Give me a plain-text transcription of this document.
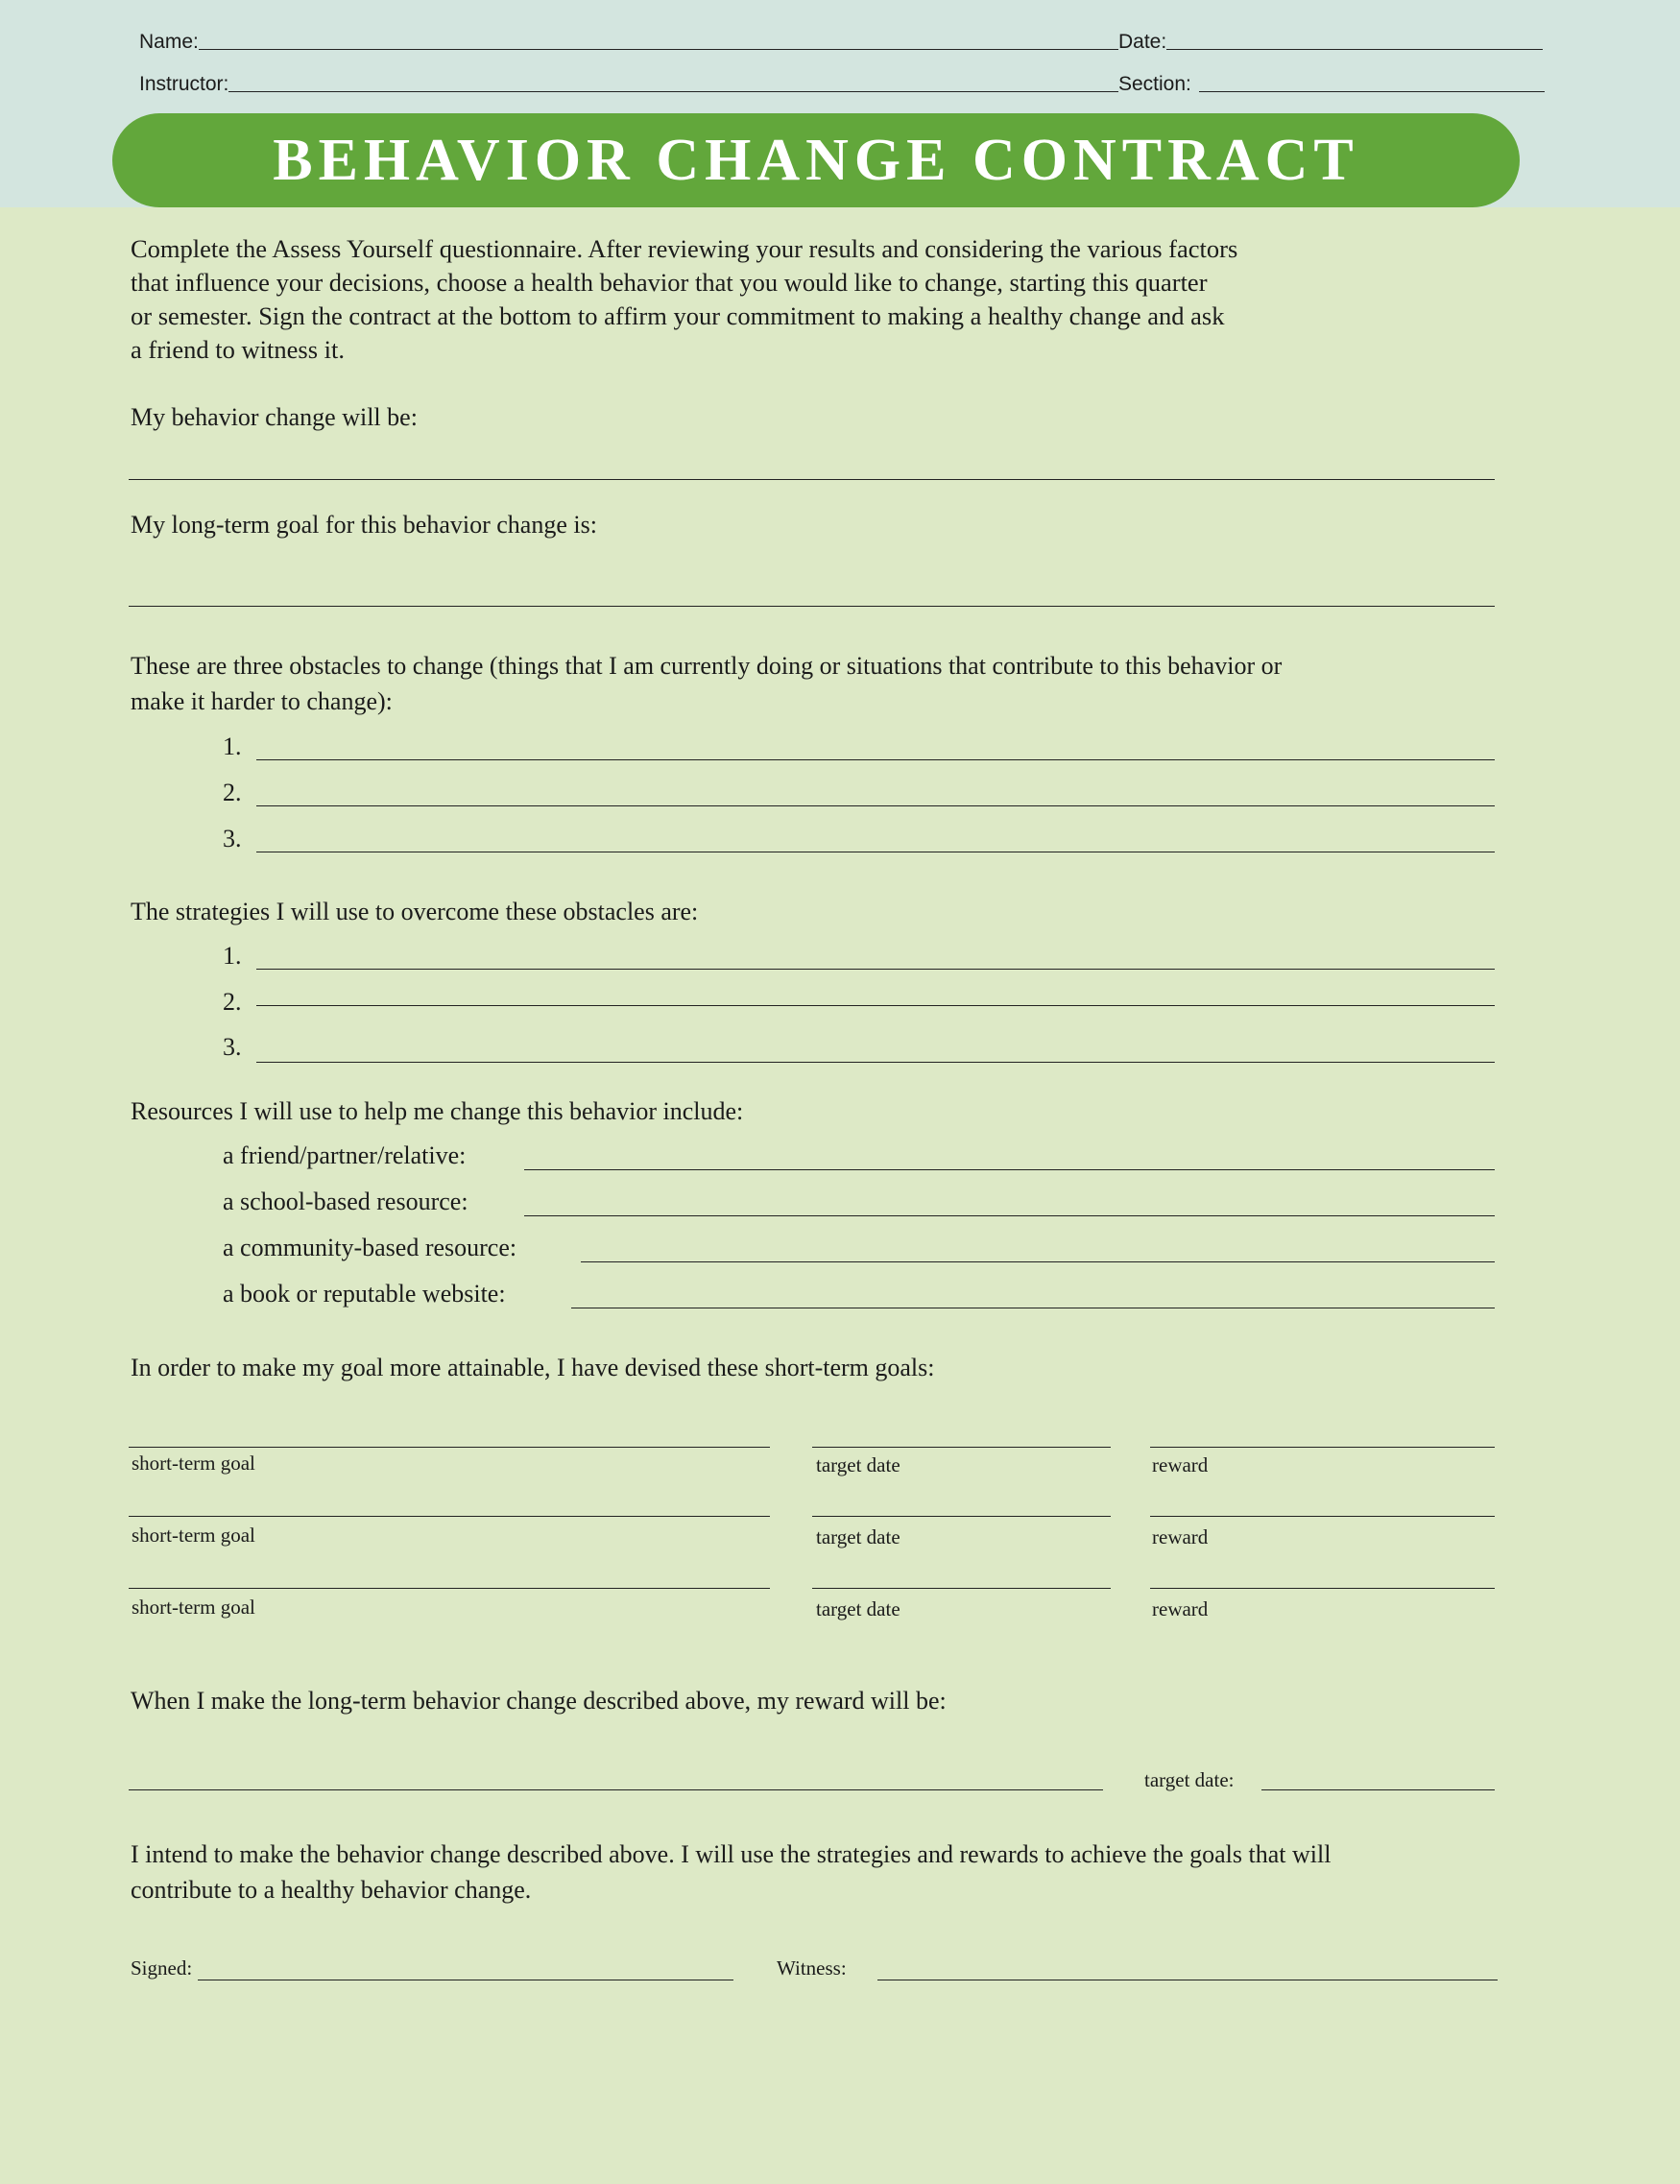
Name:	Date:
Instructor:	Section:
BEHAVIOR CHANGE CONTRACT
Complete the Assess Yourself questionnaire. After reviewing your results and considering the various factors
that influence your decisions, choose a health behavior that you would like to change, starting this quarter
or semester. Sign the contract at the bottom to affirm your commitment to making a healthy change and ask
a friend to witness it.
My behavior change will be:
My long-term goal for this behavior change is:
These are three obstacles to change (things that I am currently doing or situations that contribute to this behavior or
make it harder to change):
1.
2.
3.
The strategies I will use to overcome these obstacles are:
1.
2.
3.
Resources I will use to help me change this behavior include:
a friend/partner/relative:
a school-based resource:
a community-based resource:
a book or reputable website:
In order to make my goal more attainable, I have devised these short-term goals:
short-term goal	target date	reward
short-term goal	target date	reward
short-term goal	target date	reward
When I make the long-term behavior change described above, my reward will be:
target date:
I intend to make the behavior change described above. I will use the strategies and rewards to achieve the goals that will
contribute to a healthy behavior change.
Signed:	Witness:
